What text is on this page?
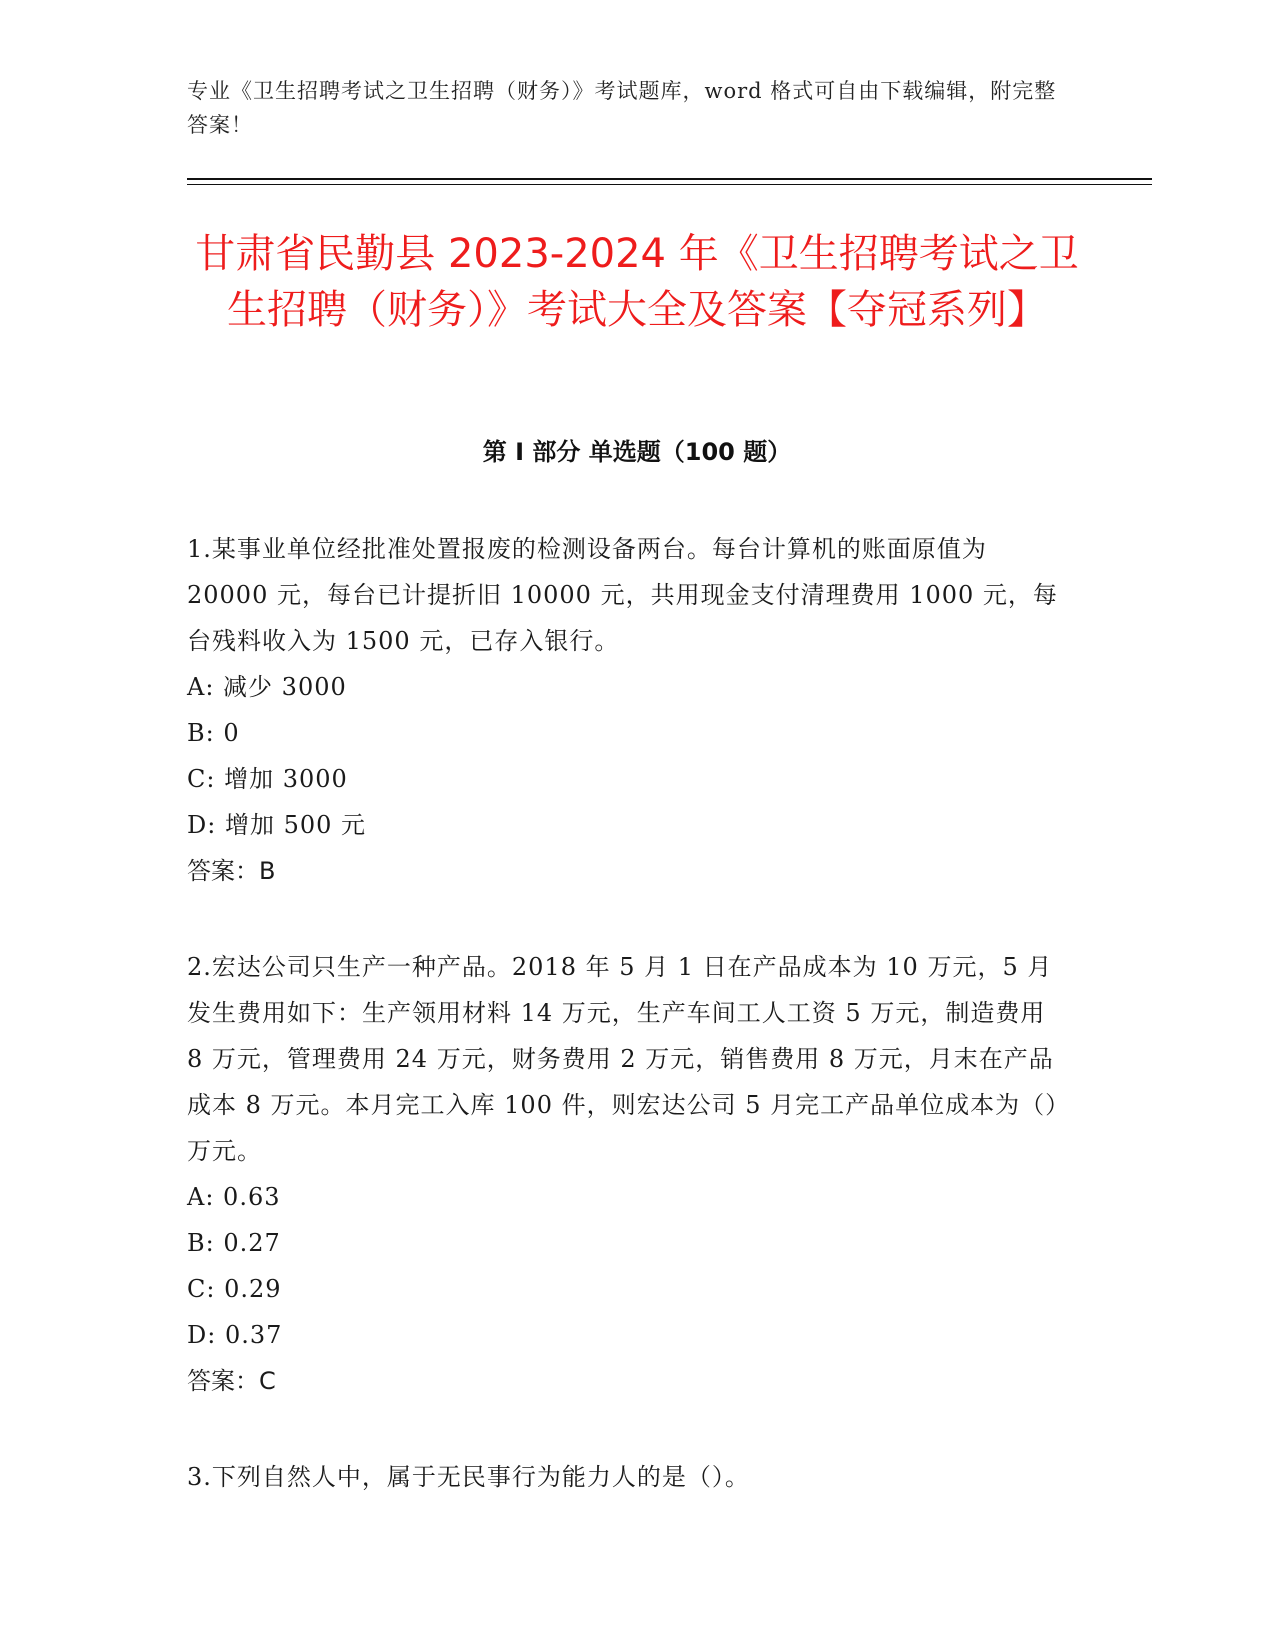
专业《卫生招聘考试之卫生招聘（财务）》考试题库，word 格式可自由下载编辑，附完整答案！
甘肃省民勤县 2023-2024 年《卫生招聘考试之卫生招聘（财务）》考试大全及答案【夺冠系列】
第 I 部分 单选题（100 题）

1.某事业单位经批准处置报废的检测设备两台。每台计算机的账面原值为 20000 元，每台已计提折旧 10000 元，共用现金支付清理费用 1000 元，每台残料收入为 1500 元，已存入银行。

A: 减少 3000

B: 0

C: 增加 3000

D: 增加 500 元

答案：B

2.宏达公司只生产一种产品。2018 年 5 月 1 日在产品成本为 10 万元，5 月发生费用如下：生产领用材料 14 万元，生产车间工人工资 5 万元，制造费用 8 万元，管理费用 24 万元，财务费用 2 万元，销售费用 8 万元，月末在产品成本 8 万元。本月完工入库 100 件，则宏达公司 5 月完工产品单位成本为（）万元。

A: 0.63

B: 0.27

C: 0.29

D: 0.37

答案：C

3.下列自然人中，属于无民事行为能力人的是（）。
